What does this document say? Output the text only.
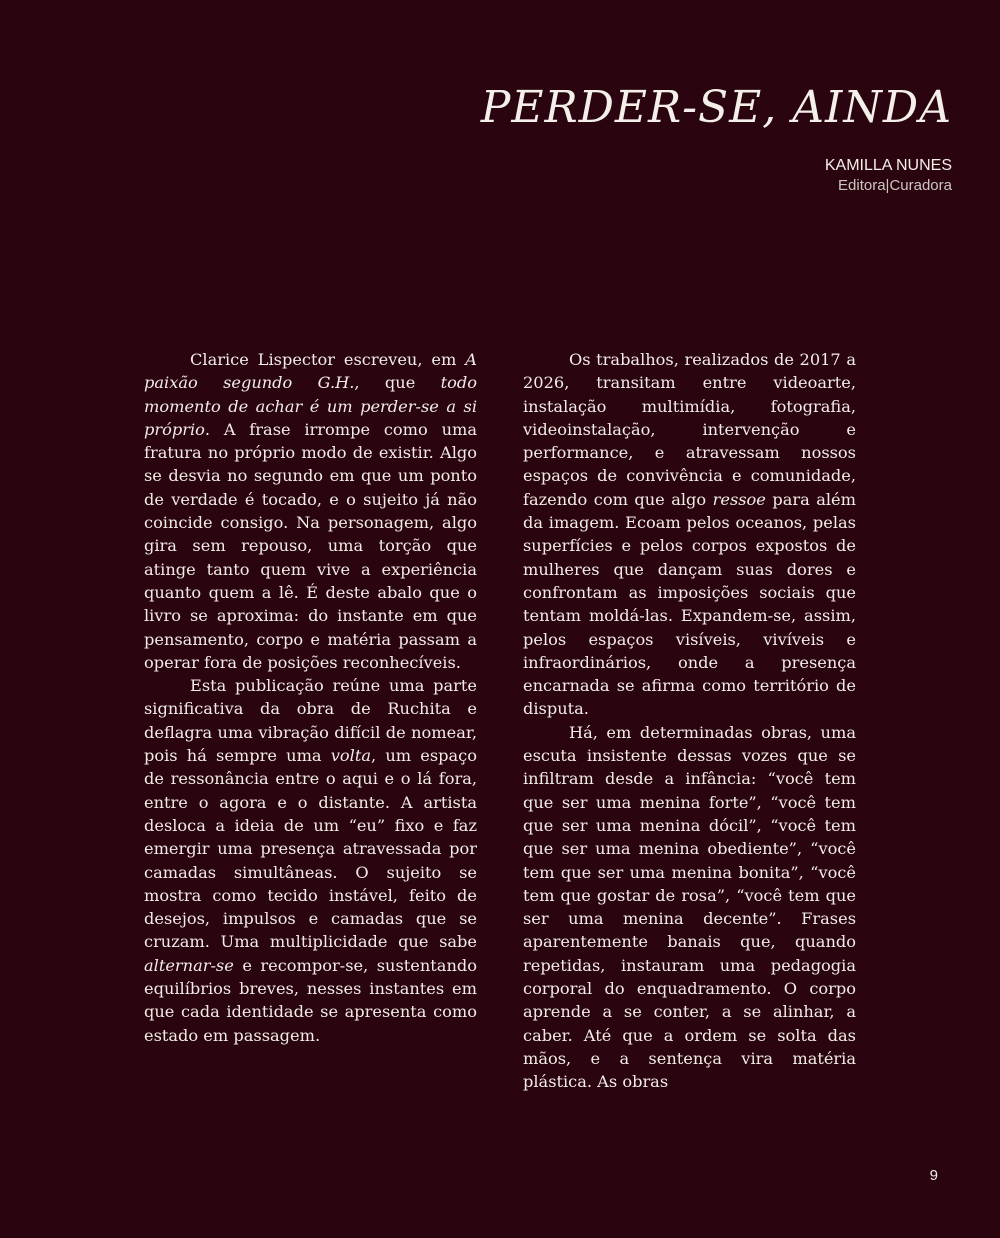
PERDER-SE, AINDA
KAMILLA NUNES
Editora|Curadora

Clarice Lispector escreveu, em A paixão segundo G.H., que todo momento de achar é um perder-se a si próprio. A frase irrompe como uma fratura no próprio modo de existir. Algo se desvia no segundo em que um ponto de verdade é tocado, e o sujeito já não coincide consigo. Na personagem, algo gira sem repouso, uma torção que atinge tanto quem vive a experiência quanto quem a lê. É deste abalo que o livro se aproxima: do instante em que pensamento, corpo e matéria passam a operar fora de posições reconhecíveis.

Esta publicação reúne uma parte significativa da obra de Ruchita e deflagra uma vibração difícil de nomear, pois há sempre uma volta, um espaço de ressonância entre o aqui e o lá fora, entre o agora e o distante. A artista desloca a ideia de um “eu” fixo e faz emergir uma presença atravessada por camadas simultâneas. O sujeito se mostra como tecido instável, feito de desejos, impulsos e camadas que se cruzam. Uma multiplicidade que sabe alternar-se e recompor-se, sustentando equilíbrios breves, nesses instantes em que cada identidade se apresenta como estado em passagem.

Os trabalhos, realizados de 2017 a 2026, transitam entre videoarte, instalação multimídia, fotografia, videoinstalação, intervenção e performance, e atravessam nossos espaços de convivência e comunidade, fazendo com que algo ressoe para além da imagem. Ecoam pelos oceanos, pelas superfícies e pelos corpos expostos de mulheres que dançam suas dores e confrontam as imposições sociais que tentam moldá-las. Expandem-se, assim, pelos espaços visíveis, vivíveis e infraordinários, onde a presença encarnada se afirma como território de disputa.

Há, em determinadas obras, uma escuta insistente dessas vozes que se infiltram desde a infância: “você tem que ser uma menina forte”, “você tem que ser uma menina dócil”, “você tem que ser uma menina obediente”, “você tem que ser uma menina bonita”, “você tem que gostar de rosa”, “você tem que ser uma menina decente”. Frases aparentemente banais que, quando repetidas, instauram uma pedagogia corporal do enquadramento. O corpo aprende a se conter, a se alinhar, a caber. Até que a ordem se solta das mãos, e a sentença vira matéria plástica. As obras

9
